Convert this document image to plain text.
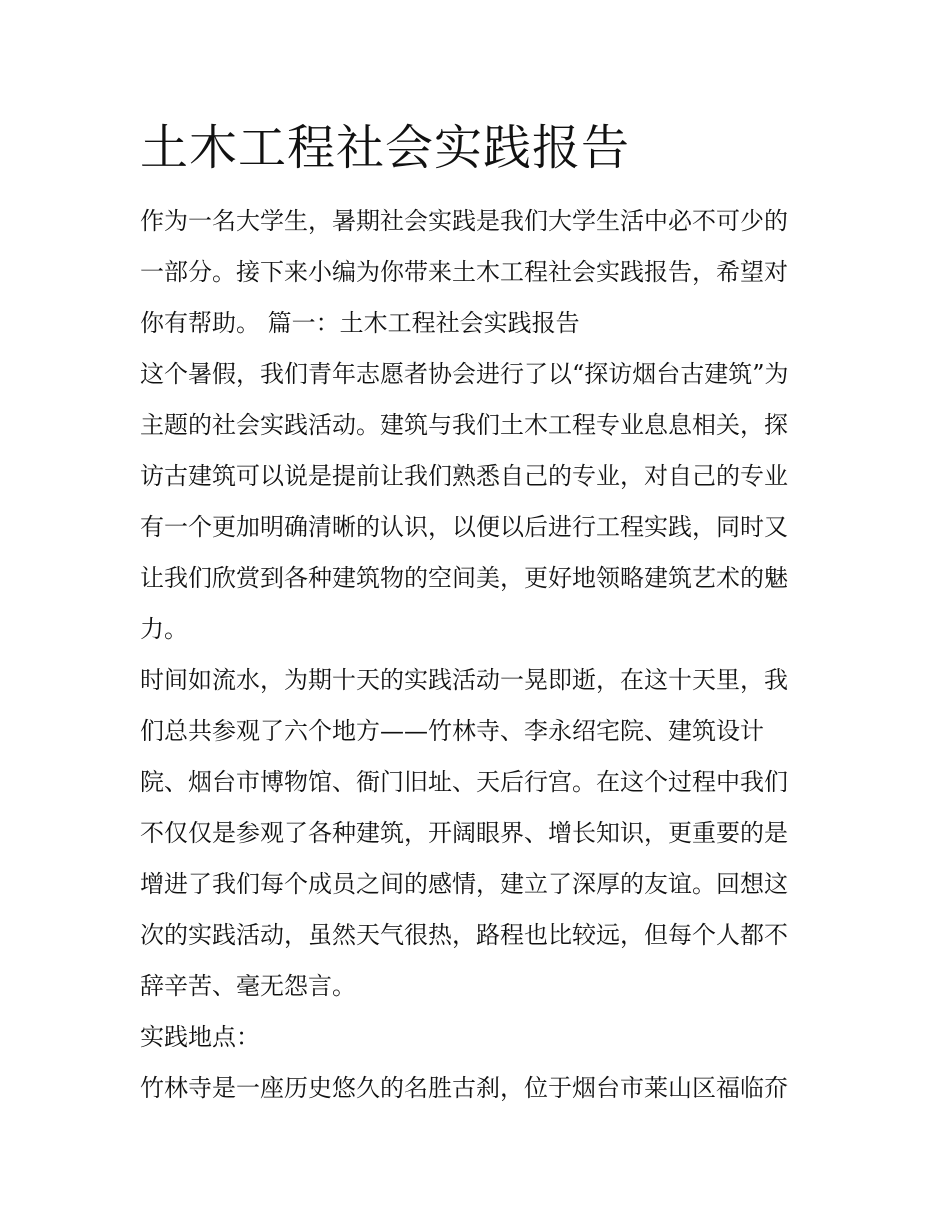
土木工程社会实践报告

作为一名大学生，暑期社会实践是我们大学生活中必不可少的
一部分。接下来小编为你带来土木工程社会实践报告，希望对
你有帮助。 篇一：土木工程社会实践报告

这个暑假，我们青年志愿者协会进行了以“探访烟台古建筑”为
主题的社会实践活动。建筑与我们土木工程专业息息相关，探
访古建筑可以说是提前让我们熟悉自己的专业，对自己的专业
有一个更加明确清晰的认识，以便以后进行工程实践，同时又
让我们欣赏到各种建筑物的空间美，更好地领略建筑艺术的魅
力。

时间如流水，为期十天的实践活动一晃即逝，在这十天里，我
们总共参观了六个地方——竹林寺、李永绍宅院、建筑设计
院、烟台市博物馆、衙门旧址、天后行宫。在这个过程中我们
不仅仅是参观了各种建筑，开阔眼界、增长知识，更重要的是
增进了我们每个成员之间的感情，建立了深厚的友谊。回想这
次的实践活动，虽然天气很热，路程也比较远，但每个人都不
辞辛苦、毫无怨言。

实践地点：

竹林寺是一座历史悠久的名胜古刹，位于烟台市莱山区福临夼
